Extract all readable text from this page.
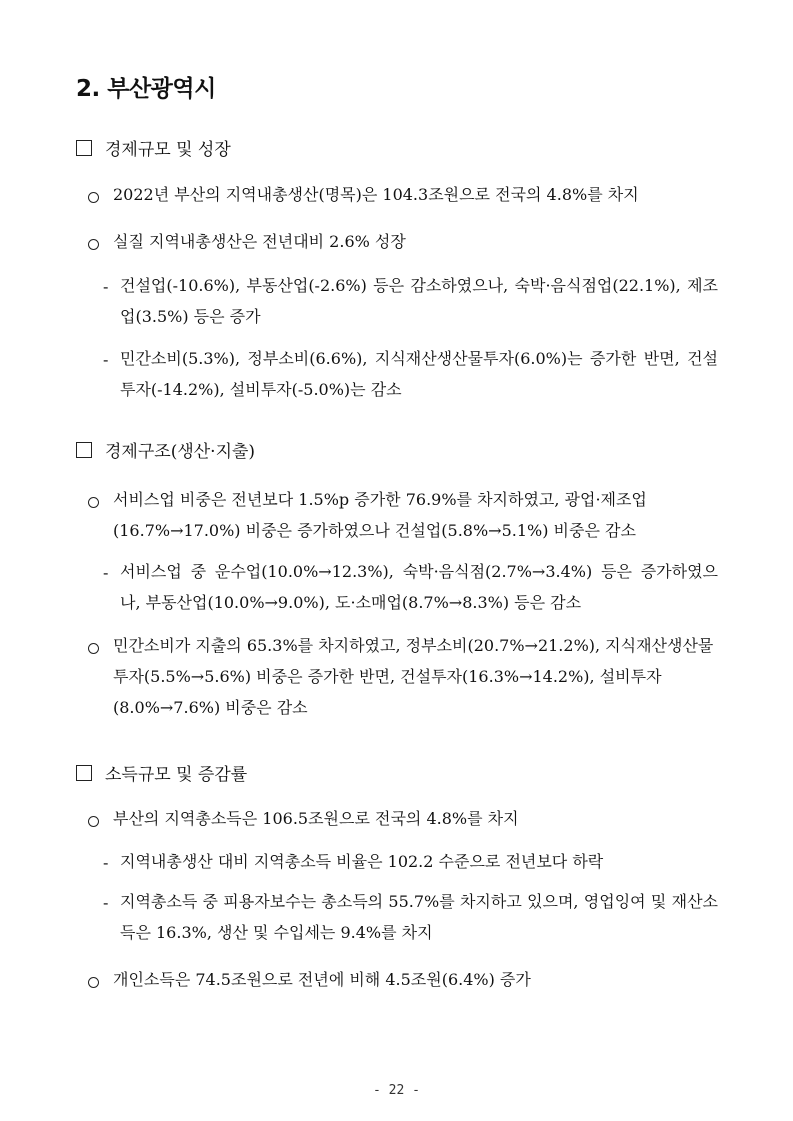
2. 부산광역시
경제규모 및 성장
2022년 부산의 지역내총생산(명목)은 104.3조원으로 전국의 4.8%를 차지
실질 지역내총생산은 전년대비 2.6% 성장
- 건설업(-10.6%), 부동산업(-2.6%) 등은 감소하였으나, 숙박·음식점업(22.1%), 제조업(3.5%) 등은 증가
- 민간소비(5.3%), 정부소비(6.6%), 지식재산생산물투자(6.0%)는 증가한 반면, 건설투자(-14.2%), 설비투자(-5.0%)는 감소
경제구조(생산·지출)
서비스업 비중은 전년보다 1.5%p 증가한 76.9%를 차지하였고, 광업·제조업 (16.7%→17.0%) 비중은 증가하였으나 건설업(5.8%→5.1%) 비중은 감소
- 서비스업 중 운수업(10.0%→12.3%), 숙박·음식점(2.7%→3.4%) 등은 증가하였으나, 부동산업(10.0%→9.0%), 도·소매업(8.7%→8.3%) 등은 감소
민간소비가 지출의 65.3%를 차지하였고, 정부소비(20.7%→21.2%), 지식재산생산물투자(5.5%→5.6%) 비중은 증가한 반면, 건설투자(16.3%→14.2%), 설비투자(8.0%→7.6%) 비중은 감소
소득규모 및 증감률
부산의 지역총소득은 106.5조원으로 전국의 4.8%를 차지
- 지역내총생산 대비 지역총소득 비율은 102.2 수준으로 전년보다 하락
- 지역총소득 중 피용자보수는 총소득의 55.7%를 차지하고 있으며, 영업잉여 및 재산소득은 16.3%, 생산 및 수입세는 9.4%를 차지
개인소득은 74.5조원으로 전년에 비해 4.5조원(6.4%) 증가
- 22 -
